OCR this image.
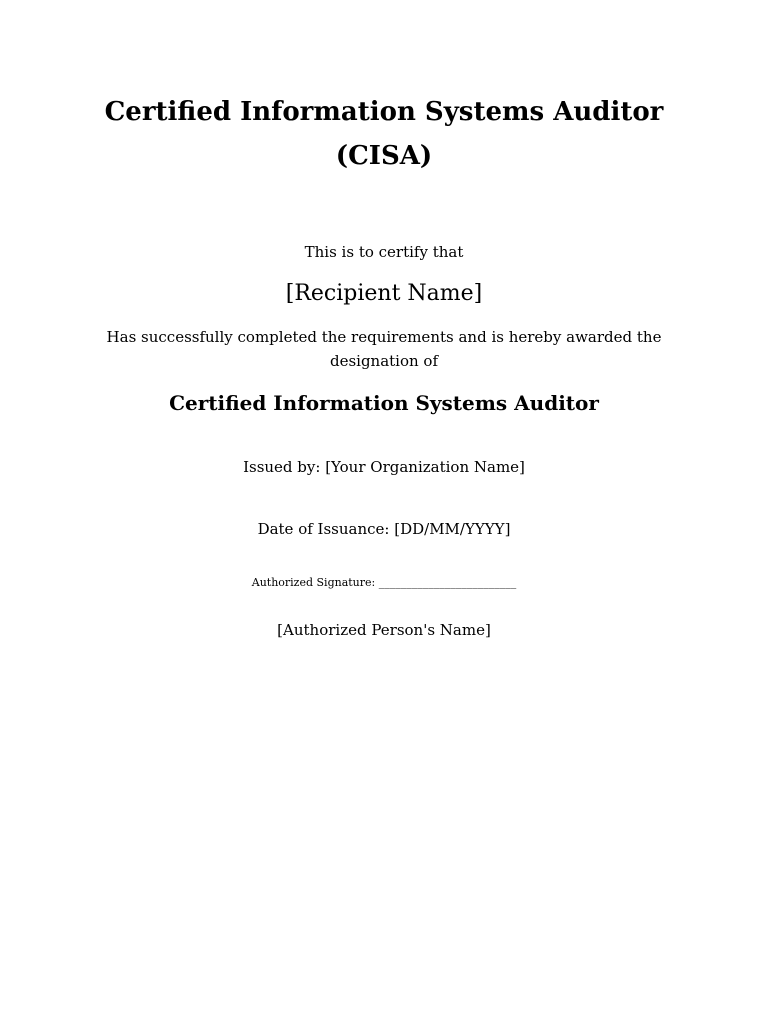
Certified Information Systems Auditor
(CISA)
This is to certify that
[Recipient Name]
Has successfully completed the requirements and is hereby awarded the
designation of
Certified Information Systems Auditor
Issued by: [Your Organization Name]
Date of Issuance: [DD/MM/YYYY]
Authorized Signature: _________________________
[Authorized Person's Name]
